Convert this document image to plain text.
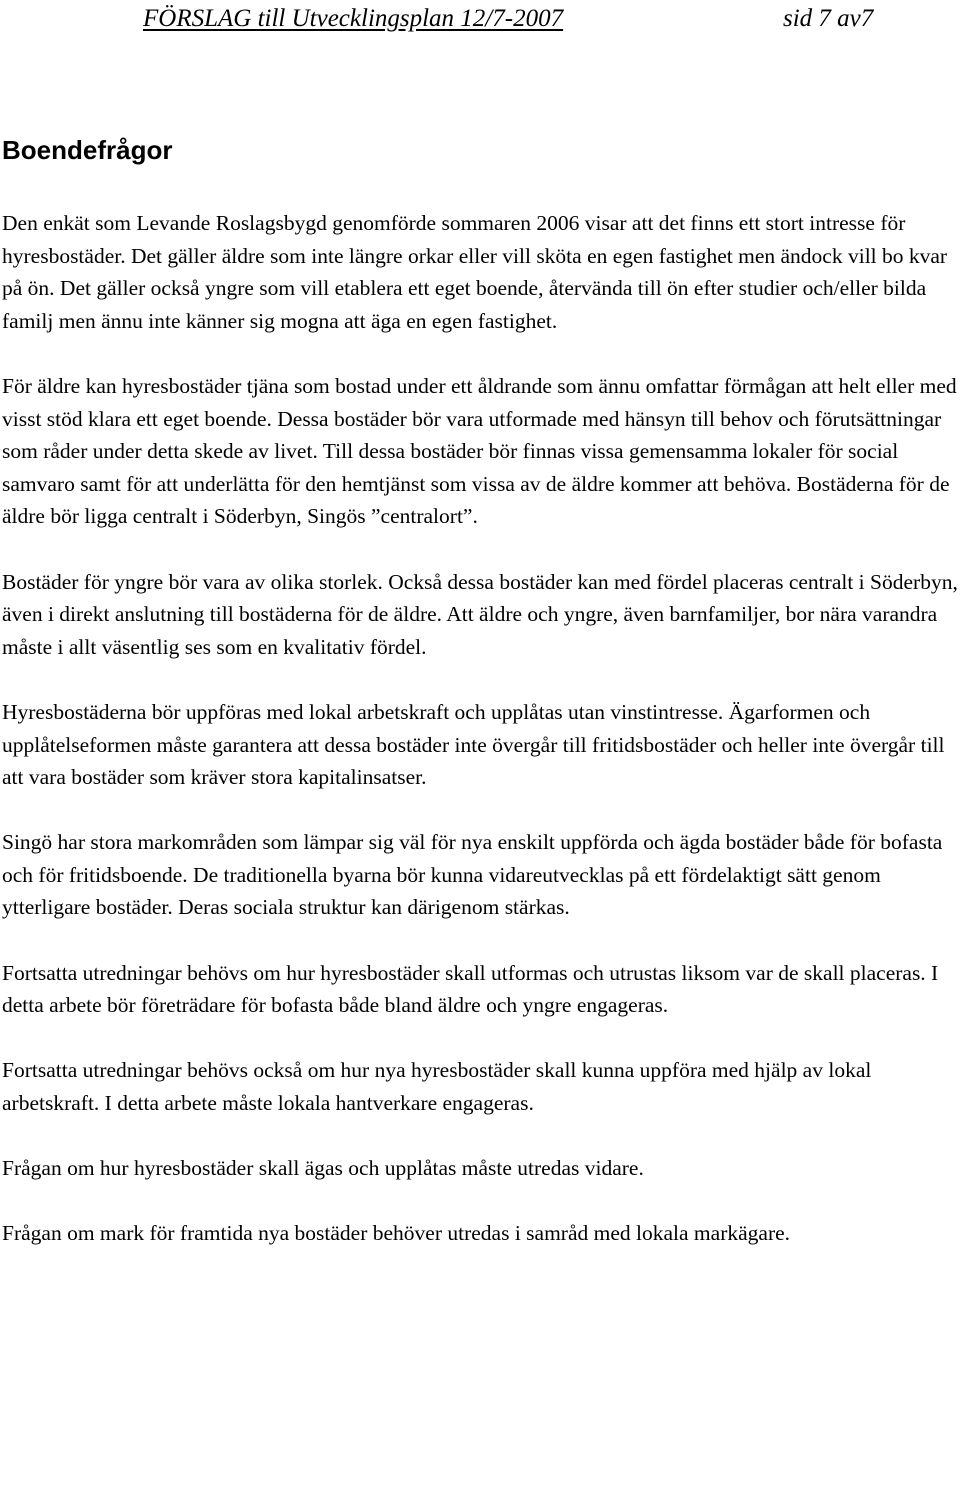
FÖRSLAG till Utvecklingsplan 12/7-2007	sid 7 av7
Boendefrågor

Den enkät som Levande Roslagsbygd genomförde sommaren 2006 visar att det finns ett stort intresse för hyresbostäder. Det gäller äldre som inte längre orkar eller vill sköta en egen fastighet men ändock vill bo kvar på ön. Det gäller också yngre som vill etablera ett eget boende, återvända till ön efter studier och/eller bilda familj men ännu inte känner sig mogna att äga en egen fastighet.

För äldre kan hyresbostäder tjäna som bostad under ett åldrande som ännu omfattar förmågan att helt eller med visst stöd klara ett eget boende. Dessa bostäder bör vara utformade med hänsyn till behov och förutsättningar som råder under detta skede av livet. Till dessa bostäder bör finnas vissa gemensamma lokaler för social samvaro samt för att underlätta för den hemtjänst som vissa av de äldre kommer att behöva. Bostäderna för de äldre bör ligga centralt i Söderbyn, Singös ”centralort”.

Bostäder för yngre bör vara av olika storlek. Också dessa bostäder kan med fördel placeras centralt i Söderbyn, även i direkt anslutning till bostäderna för de äldre. Att äldre och yngre, även barnfamiljer, bor nära varandra måste i allt väsentlig ses som en kvalitativ fördel.

Hyresbostäderna bör uppföras med lokal arbetskraft och upplåtas utan vinstintresse. Ägarformen och upplåtelseformen måste garantera att dessa bostäder inte övergår till fritidsbostäder och heller inte övergår till att vara bostäder som kräver stora kapitalinsatser.

Singö har stora markområden som lämpar sig väl för nya enskilt uppförda och ägda bostäder både för bofasta och för fritidsboende. De traditionella byarna bör kunna vidareutvecklas på ett fördelaktigt sätt genom ytterligare bostäder. Deras sociala struktur kan därigenom stärkas.

Fortsatta utredningar behövs om hur hyresbostäder skall utformas och utrustas liksom var de skall placeras. I detta arbete bör företrädare för bofasta både bland äldre och yngre engageras.

Fortsatta utredningar behövs också om hur nya hyresbostäder skall kunna uppföra med hjälp av lokal arbetskraft. I detta arbete måste lokala hantverkare engageras.

Frågan om hur hyresbostäder skall ägas och upplåtas måste utredas vidare.

Frågan om mark för framtida nya bostäder behöver utredas i samråd med lokala markägare.
